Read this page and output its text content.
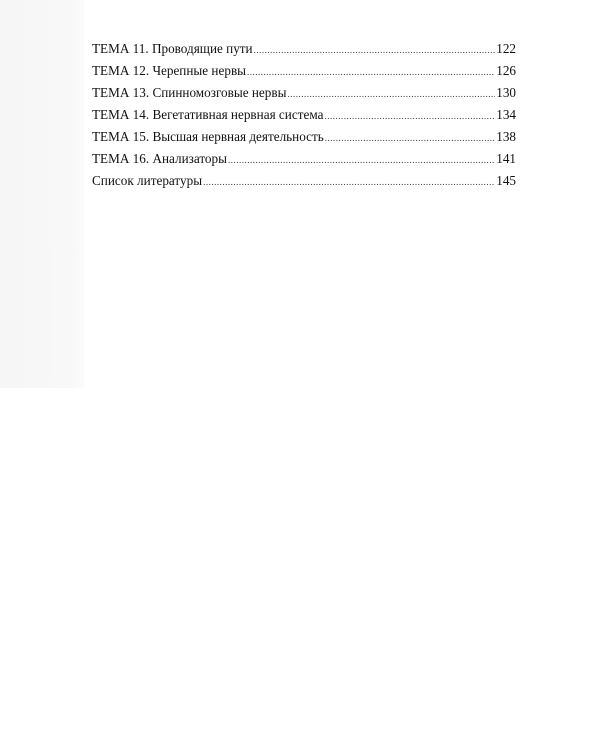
ТЕМА 11. Проводящие пути .....	122
ТЕМА 12. Черепные нервы .....	126
ТЕМА 13. Спинномозговые нервы .....	130
ТЕМА 14. Вегетативная нервная система .....	134
ТЕМА 15. Высшая нервная деятельность .....	138
ТЕМА 16. Анализаторы .....	141
Список литературы .....	145
